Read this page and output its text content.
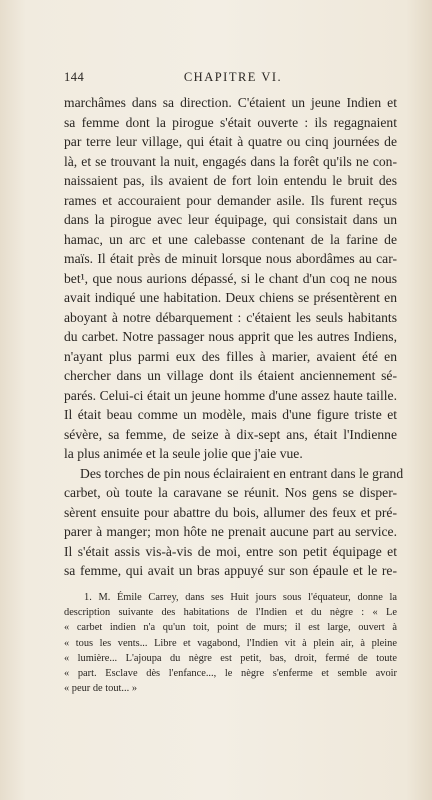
144	CHAPITRE VI.
marchâmes dans sa direction. C'étaient un jeune Indien et
sa femme dont la pirogue s'était ouverte : ils regagnaient
par terre leur village, qui était à quatre ou cinq journées de
là, et se trouvant la nuit, engagés dans la forêt qu'ils ne con-
naissaient pas, ils avaient de fort loin entendu le bruit des
rames et accouraient pour demander asile. Ils furent reçus
dans la pirogue avec leur équipage, qui consistait dans un
hamac, un arc et une calebasse contenant de la farine de
maïs. Il était près de minuit lorsque nous abordâmes au car-
bet¹, que nous aurions dépassé, si le chant d'un coq ne nous
avait indiqué une habitation. Deux chiens se présentèrent en
aboyant à notre débarquement : c'étaient les seuls habitants
du carbet. Notre passager nous apprit que les autres Indiens,
n'ayant plus parmi eux des filles à marier, avaient été en
chercher dans un village dont ils étaient anciennement sé-
parés. Celui-ci était un jeune homme d'une assez haute taille.
Il était beau comme un modèle, mais d'une figure triste et
sévère, sa femme, de seize à dix-sept ans, était l'Indienne
la plus animée et la seule jolie que j'aie vue.
Des torches de pin nous éclairaient en entrant dans le grand
carbet, où toute la caravane se réunit. Nos gens se disper-
sèrent ensuite pour abattre du bois, allumer des feux et pré-
parer à manger; mon hôte ne prenait aucune part au service.
Il s'était assis vis-à-vis de moi, entre son petit équipage et
sa femme, qui avait un bras appuyé sur son épaule et le re-
1. M. Émile Carrey, dans ses Huit jours sous l'équateur, donne la
description suivante des habitations de l'Indien et du nègre : « Le
« carbet indien n'a qu'un toit, point de murs; il est large, ouvert à
« tous les vents... Libre et vagabond, l'Indien vit à plein air, à pleine
« lumière... L'ajoupa du nègre est petit, bas, droit, fermé de toute
« part. Esclave dès l'enfance..., le nègre s'enferme et semble avoir
« peur de tout... »
